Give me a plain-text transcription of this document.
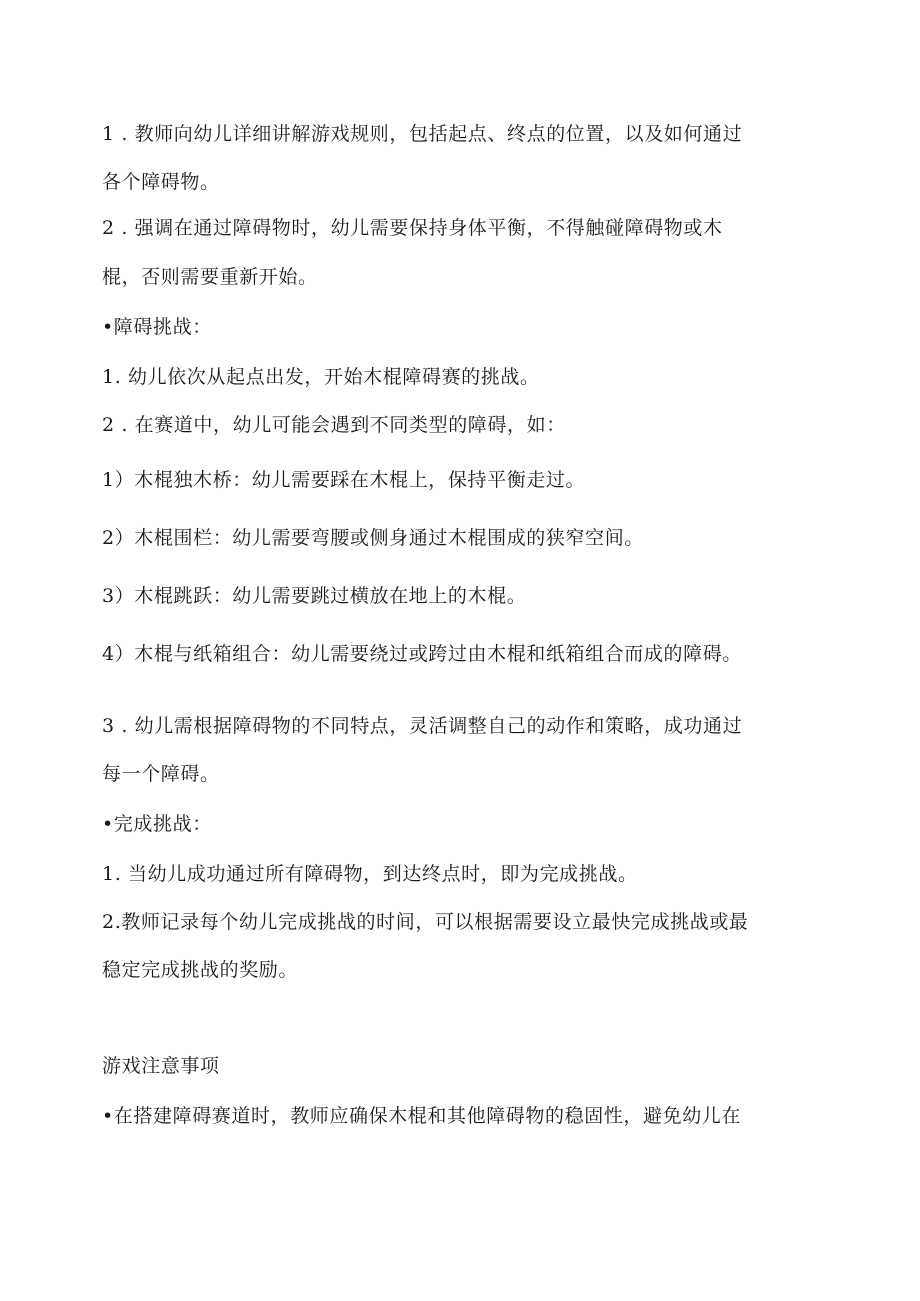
1 . 教师向幼儿详细讲解游戏规则，包括起点、终点的位置，以及如何通过
各个障碍物。
2 . 强调在通过障碍物时，幼儿需要保持身体平衡，不得触碰障碍物或木
棍，否则需要重新开始。
•障碍挑战：
1. 幼儿依次从起点出发，开始木棍障碍赛的挑战。
2 . 在赛道中，幼儿可能会遇到不同类型的障碍，如：
1）木棍独木桥：幼儿需要踩在木棍上，保持平衡走过。
2）木棍围栏：幼儿需要弯腰或侧身通过木棍围成的狭窄空间。
3）木棍跳跃：幼儿需要跳过横放在地上的木棍。
4）木棍与纸箱组合：幼儿需要绕过或跨过由木棍和纸箱组合而成的障碍。
3 . 幼儿需根据障碍物的不同特点，灵活调整自己的动作和策略，成功通过
每一个障碍。
•完成挑战：
1. 当幼儿成功通过所有障碍物，到达终点时，即为完成挑战。
2.教师记录每个幼儿完成挑战的时间，可以根据需要设立最快完成挑战或最
稳定完成挑战的奖励。
游戏注意事项
•在搭建障碍赛道时，教师应确保木棍和其他障碍物的稳固性，避免幼儿在
